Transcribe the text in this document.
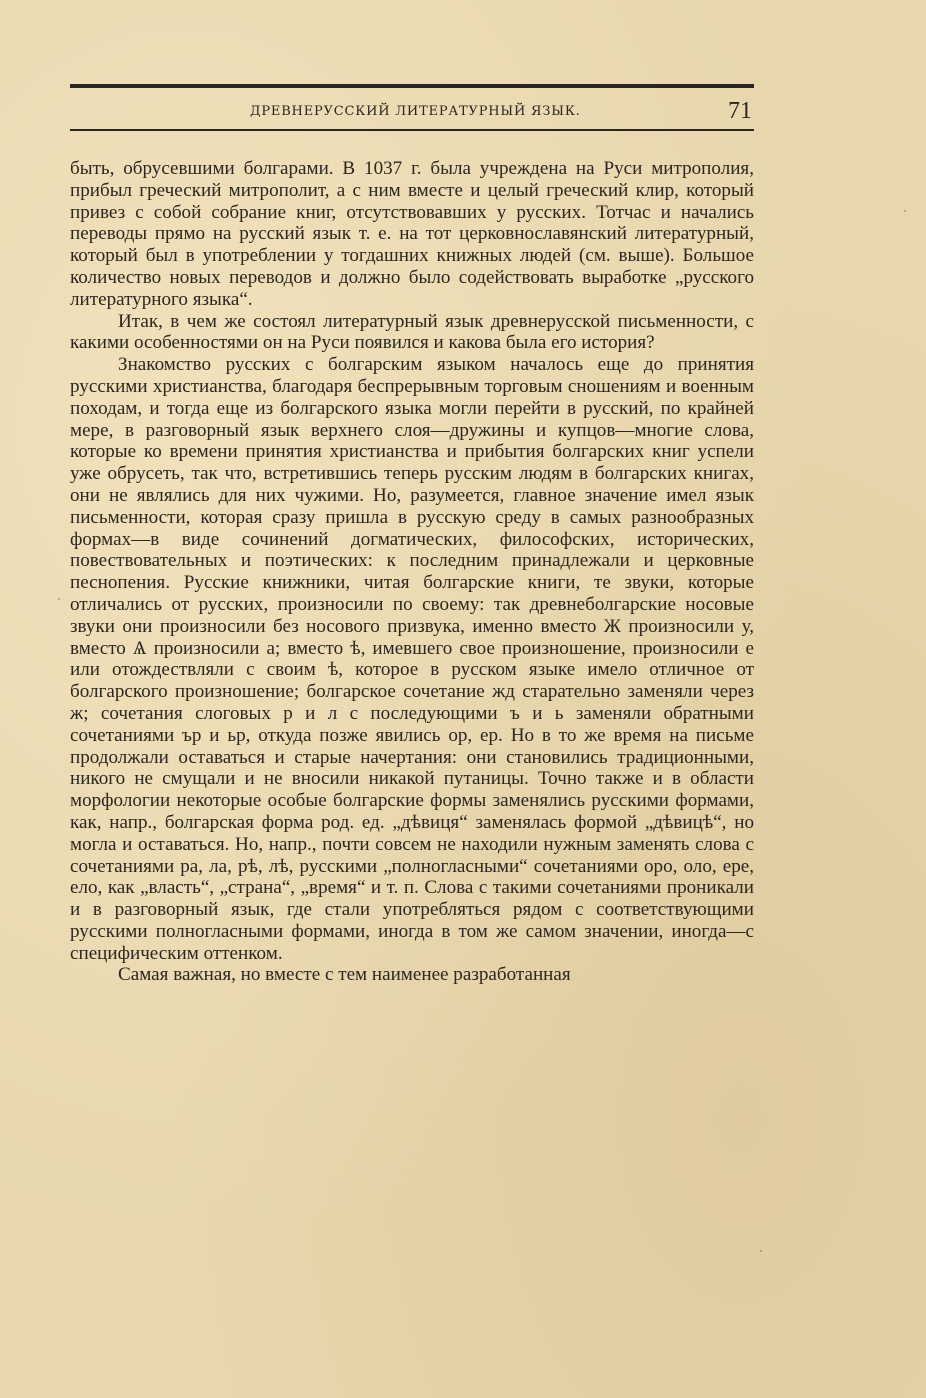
ДРЕВНЕРУССКИЙ ЛИТЕРАТУРНЫЙ ЯЗЫК.	71

быть, обрусевшими болгарами. В 1037 г. была учреждена на Руси митрополия, прибыл греческий митрополит, а с ним вместе и целый греческий клир, который привез с собой собрание книг, отсутствовавших у русских. Тотчас и начались переводы прямо на русский язык т. е. на тот церковнославянский литературный, который был в употреблении у тогдашних книжных людей (см. выше). Большое количество новых переводов и должно было содействовать выработке „русского литературного языка“.

Итак, в чем же состоял литературный язык древнерусской письменности, с какими особенностями он на Руси появился и какова была его история?

Знакомство русских с болгарским языком началось еще до принятия русскими христианства, благодаря беспрерывным торговым сношениям и военным походам, и тогда еще из болгарского языка могли перейти в русский, по крайней мере, в разговорный язык верхнего слоя—дружины и купцов—многие слова, которые ко времени принятия христианства и прибытия болгарских книг успели уже обрусеть, так что, встретившись теперь русским людям в болгарских книгах, они не являлись для них чужими. Но, разумеется, главное значение имел язык письменности, которая сразу пришла в русскую среду в самых разнообразных формах—в виде сочинений догматических, философских, исторических, повествовательных и поэтических: к последним принадлежали и церковные песнопения. Русские книжники, читая болгарские книги, те звуки, которые отличались от русских, произносили по своему: так древнеболгарские носовые звуки они произносили без носового призвука, именно вместо Ж произносили у, вместо Ѧ произносили а; вместо ѣ, имевшего свое произношение, произносили е или отождествляли с своим ѣ, которое в русском языке имело отличное от болгарского произношение; болгарское сочетание жд старательно заменяли через ж; сочетания слоговых р и л с последующими ъ и ь заменяли обратными сочетаниями ър и ьр, откуда позже явились ор, ер. Но в то же время на письме продолжали оставаться и старые начертания: они становились традиционными, никого не смущали и не вносили никакой путаницы. Точно также и в области морфологии некоторые особые болгарские формы заменялись русскими формами, как, напр., болгарская форма род. ед. „дѣвиця“ заменялась формой „дѣвицѣ“, но могла и оставаться. Но, напр., почти совсем не находили нужным заменять слова с сочетаниями ра, ла, рѣ, лѣ, русскими „полногласными“ сочетаниями оро, оло, ере, ело, как „власть“, „страна“, „время“ и т. п. Слова с такими сочетаниями проникали и в разговорный язык, где стали употребляться рядом с соответствующими русскими полногласными формами, иногда в том же самом значении, иногда—с специфическим оттенком.

Самая важная, но вместе с тем наименее разработанная
